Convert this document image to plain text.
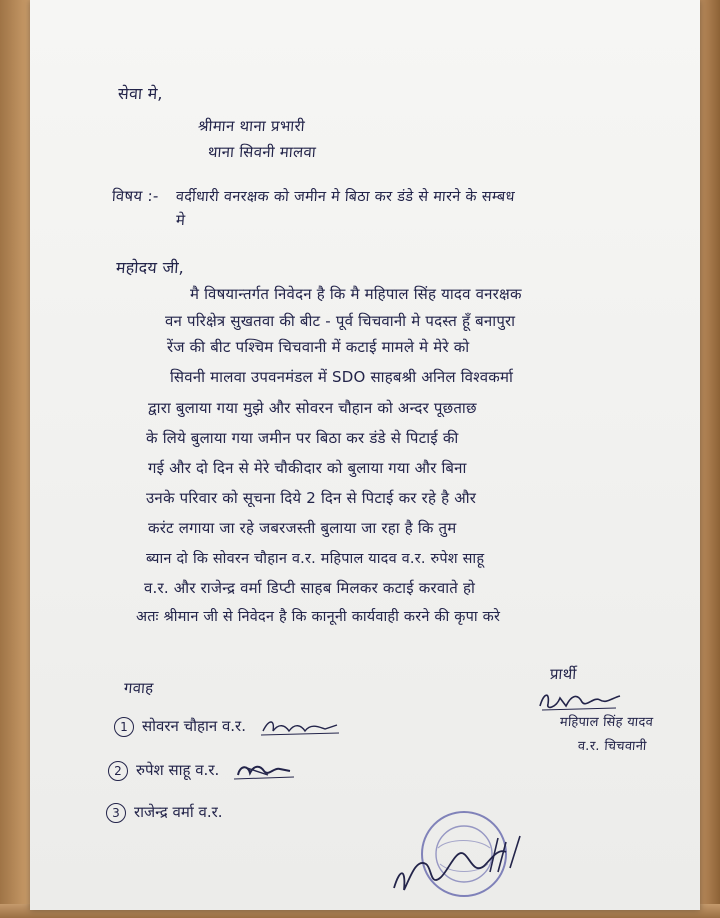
सेवा मे,
श्रीमान थाना प्रभारी
थाना सिवनी मालवा
विषय :- वर्दीधारी वनरक्षक को जमीन मे बिठा कर डंडे से मारने के सम्बध
मे
महोदय जी,
मै विषयान्तर्गत निवेदन है कि मै महिपाल सिंह यादव वनरक्षक
वन परिक्षेत्र सुखतवा की बीट - पूर्व चिचवानी मे पदस्त हूँ बनापुरा
रेंज की बीट पश्चिम चिचवानी में कटाई मामले मे मेरे को
सिवनी मालवा उपवनमंडल में SDO साहबश्री अनिल विश्वकर्मा
द्वारा बुलाया गया मुझे और सोवरन चौहान को अन्दर पूछताछ
के लिये बुलाया गया जमीन पर बिठा कर डंडे से पिटाई की
गई और दो दिन से मेरे चौकीदार को बुलाया गया और बिना
उनके परिवार को सूचना दिये 2 दिन से पिटाई कर रहे है और
करंट लगाया जा रहे जबरजस्ती बुलाया जा रहा है कि तुम
ब्यान दो कि सोवरन चौहान व.र. महिपाल यादव व.र. रुपेश साहू
व.र. और राजेन्द्र वर्मा डिप्टी साहब मिलकर कटाई करवाते हो
अतः श्रीमान जी से निवेदन है कि कानूनी कार्यवाही करने की कृपा करे
प्रार्थी
महिपाल सिंह यादव
व.र. चिचवानी
गवाह
1 सोवरन चौहान व.र.
2 रुपेश साहू व.र.
3 राजेन्द्र वर्मा व.र.
